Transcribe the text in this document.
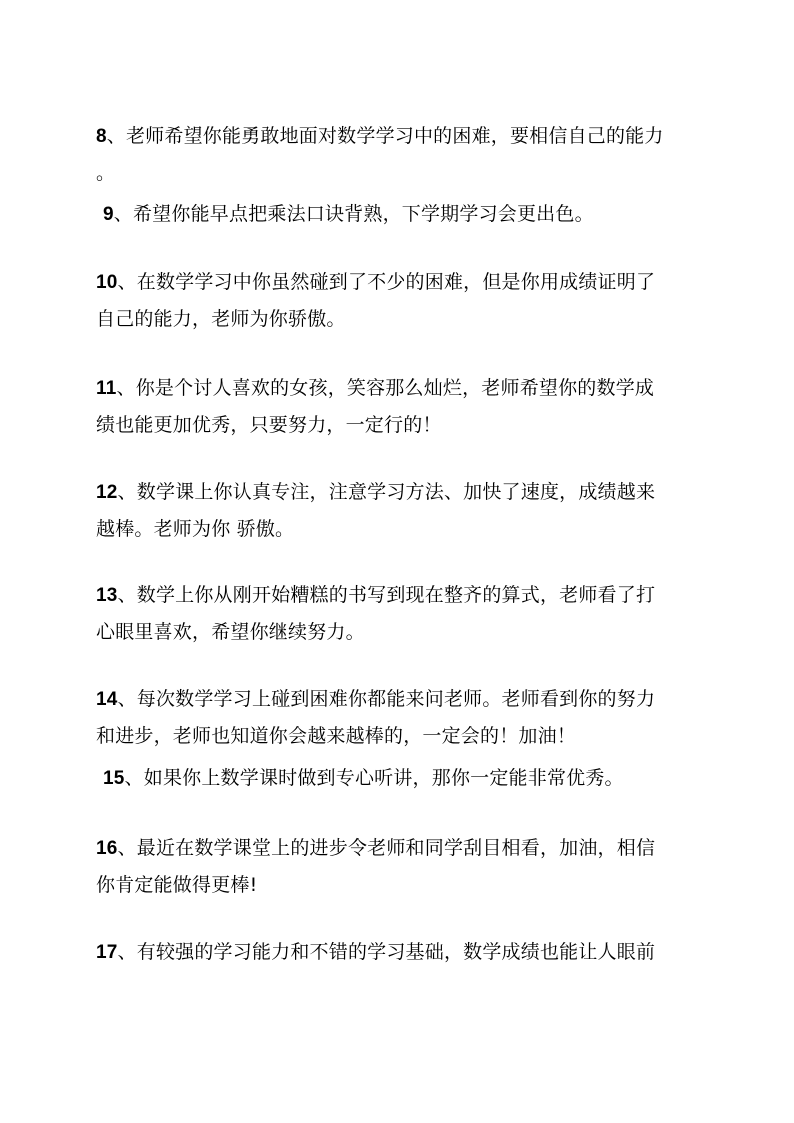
8、老师希望你能勇敢地面对数学学习中的困难，要相信自己的能力
。
9、希望你能早点把乘法口诀背熟，下学期学习会更出色。
10、在数学学习中你虽然碰到了不少的困难，但是你用成绩证明了
自己的能力，老师为你骄傲。
11、你是个讨人喜欢的女孩，笑容那么灿烂，老师希望你的数学成
绩也能更加优秀，只要努力，一定行的！
12、数学课上你认真专注，注意学习方法、加快了速度，成绩越来
越棒。老师为你 骄傲。
13、数学上你从刚开始糟糕的书写到现在整齐的算式，老师看了打
心眼里喜欢，希望你继续努力。
14、每次数学学习上碰到困难你都能来问老师。老师看到你的努力
和进步，老师也知道你会越来越棒的，一定会的！加油！
15、如果你上数学课时做到专心听讲，那你一定能非常优秀。
16、最近在数学课堂上的进步令老师和同学刮目相看，加油，相信
你肯定能做得更棒!
17、有较强的学习能力和不错的学习基础，数学成绩也能让人眼前
